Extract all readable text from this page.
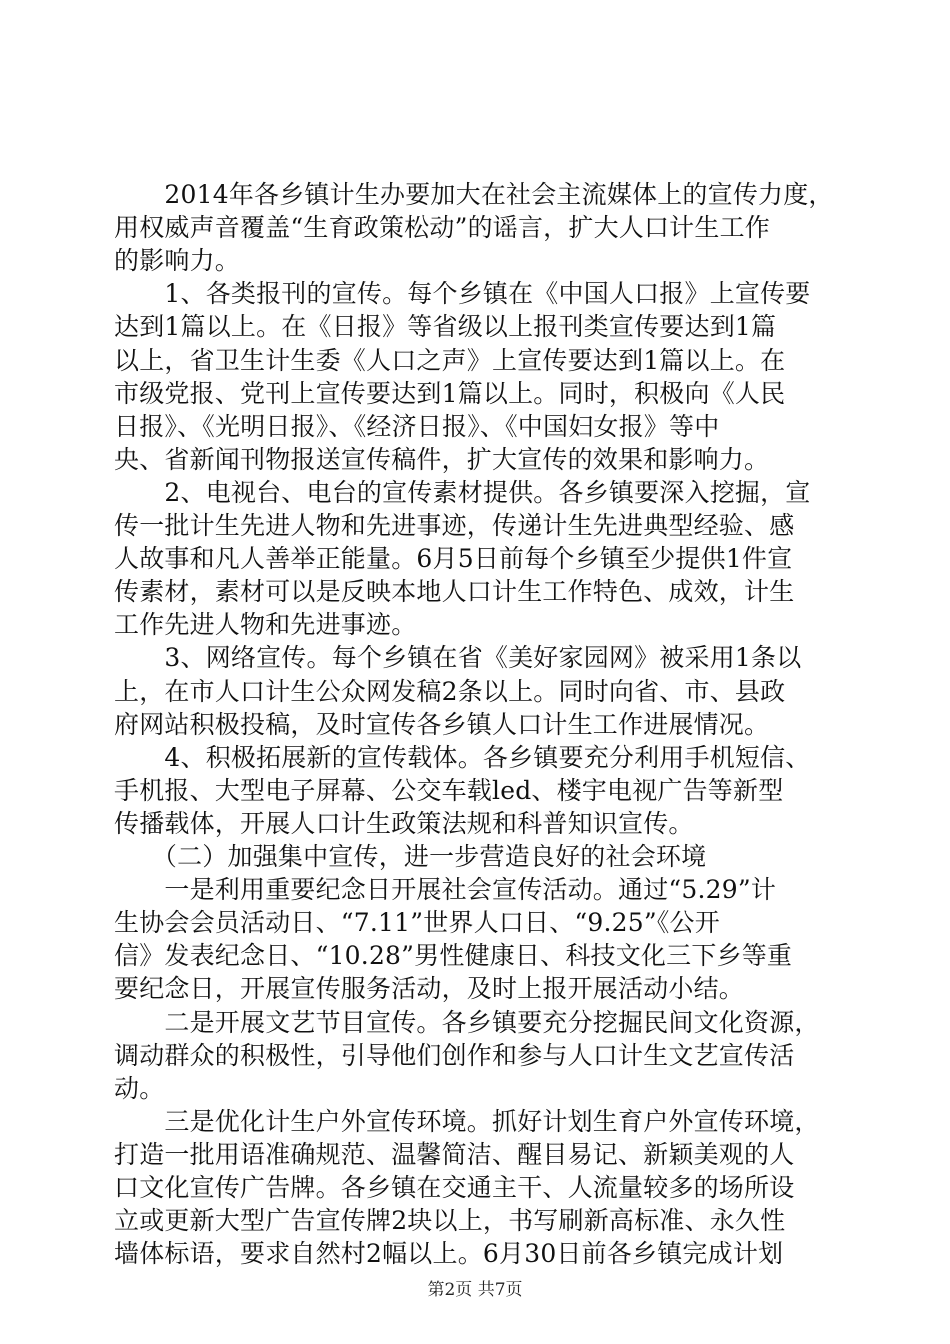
　　2014年各乡镇计生办要加大在社会主流媒体上的宣传力度，
用权威声音覆盖“生育政策松动”的谣言，扩大人口计生工作
的影响力。
　　1、各类报刊的宣传。每个乡镇在《中国人口报》上宣传要
达到1篇以上。在《日报》等省级以上报刊类宣传要达到1篇
以上，省卫生计生委《人口之声》上宣传要达到1篇以上。在
市级党报、党刊上宣传要达到1篇以上。同时，积极向《人民
日报》、《光明日报》、《经济日报》、《中国妇女报》等中
央、省新闻刊物报送宣传稿件，扩大宣传的效果和影响力。
　　2、电视台、电台的宣传素材提供。各乡镇要深入挖掘，宣
传一批计生先进人物和先进事迹，传递计生先进典型经验、感
人故事和凡人善举正能量。6月5日前每个乡镇至少提供1件宣
传素材，素材可以是反映本地人口计生工作特色、成效，计生
工作先进人物和先进事迹。
　　3、网络宣传。每个乡镇在省《美好家园网》被采用1条以
上，在市人口计生公众网发稿2条以上。同时向省、市、县政
府网站积极投稿，及时宣传各乡镇人口计生工作进展情况。
　　4、积极拓展新的宣传载体。各乡镇要充分利用手机短信、
手机报、大型电子屏幕、公交车载led、楼宇电视广告等新型
传播载体，开展人口计生政策法规和科普知识宣传。
　　（二）加强集中宣传，进一步营造良好的社会环境
　　一是利用重要纪念日开展社会宣传活动。通过“5.29”计
生协会会员活动日、“7.11”世界人口日、“9.25”《公开
信》发表纪念日、“10.28”男性健康日、科技文化三下乡等重
要纪念日，开展宣传服务活动，及时上报开展活动小结。
　　二是开展文艺节目宣传。各乡镇要充分挖掘民间文化资源，
调动群众的积极性，引导他们创作和参与人口计生文艺宣传活
动。
　　三是优化计生户外宣传环境。抓好计划生育户外宣传环境，
打造一批用语准确规范、温馨简洁、醒目易记、新颖美观的人
口文化宣传广告牌。各乡镇在交通主干、人流量较多的场所设
立或更新大型广告宣传牌2块以上，书写刷新高标准、永久性
墙体标语，要求自然村2幅以上。6月30日前各乡镇完成计划
第2页 共7页
